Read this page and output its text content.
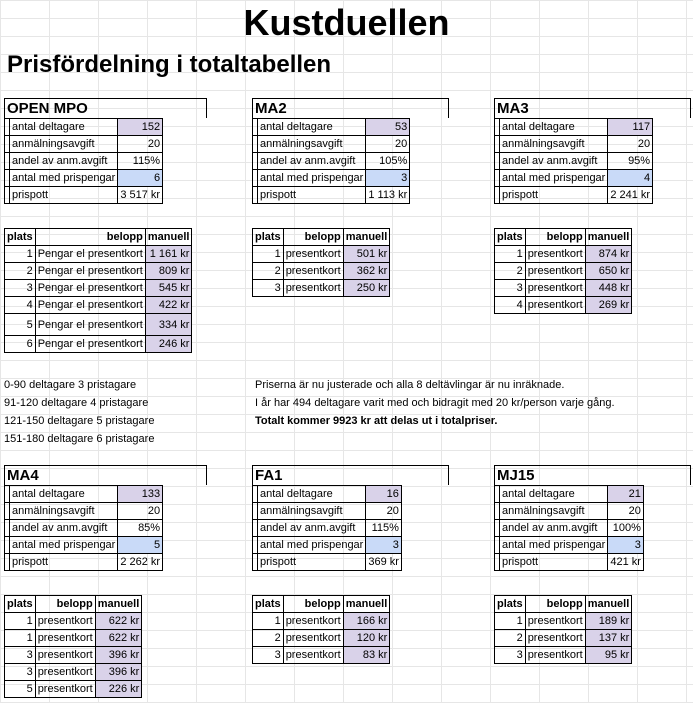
Kustduellen
Prisfördelning i totaltabellen
OPEN MPO
	antal deltagare	152
	anmälningsavgift	20
	andel av anm.avgift	115%
	antal med prispengar	6
	prispott	3 517 kr
plats	belopp	manuell
1	Pengar el presentkort	1 161 kr
2	Pengar el presentkort	809 kr
3	Pengar el presentkort	545 kr
4	Pengar el presentkort	422 kr
5	Pengar el presentkort	334 kr
6	Pengar el presentkort	246 kr
MA2
	antal deltagare	53
	anmälningsavgift	20
	andel av anm.avgift	105%
	antal med prispengar	3
	prispott	1 113 kr
plats	belopp	manuell
1	presentkort	501 kr
2	presentkort	362 kr
3	presentkort	250 kr
MA3
	antal deltagare	117
	anmälningsavgift	20
	andel av anm.avgift	95%
	antal med prispengar	4
	prispott	2 241 kr
plats	belopp	manuell
1	presentkort	874 kr
2	presentkort	650 kr
3	presentkort	448 kr
4	presentkort	269 kr
0-90 deltagare 3 pristagare
91-120 deltagare 4 pristagare
121-150 deltagare 5 pristagare
151-180 deltagare 6 pristagare
Priserna är nu justerade och alla 8 deltävlingar är nu inräknade.
I år har 494 deltagare varit med och bidragit med 20 kr/person varje gång.
Totalt kommer 9923 kr att delas ut i totalpriser.
MA4
	antal deltagare	133
	anmälningsavgift	20
	andel av anm.avgift	85%
	antal med prispengar	5
	prispott	2 262 kr
plats	belopp	manuell
1	presentkort	622 kr
1	presentkort	622 kr
3	presentkort	396 kr
3	presentkort	396 kr
5	presentkort	226 kr
FA1
	antal deltagare	16
	anmälningsavgift	20
	andel av anm.avgift	115%
	antal med prispengar	3
	prispott	369 kr
plats	belopp	manuell
1	presentkort	166 kr
2	presentkort	120 kr
3	presentkort	83 kr
MJ15
	antal deltagare	21
	anmälningsavgift	20
	andel av anm.avgift	100%
	antal med prispengar	3
	prispott	421 kr
plats	belopp	manuell
1	presentkort	189 kr
2	presentkort	137 kr
3	presentkort	95 kr
